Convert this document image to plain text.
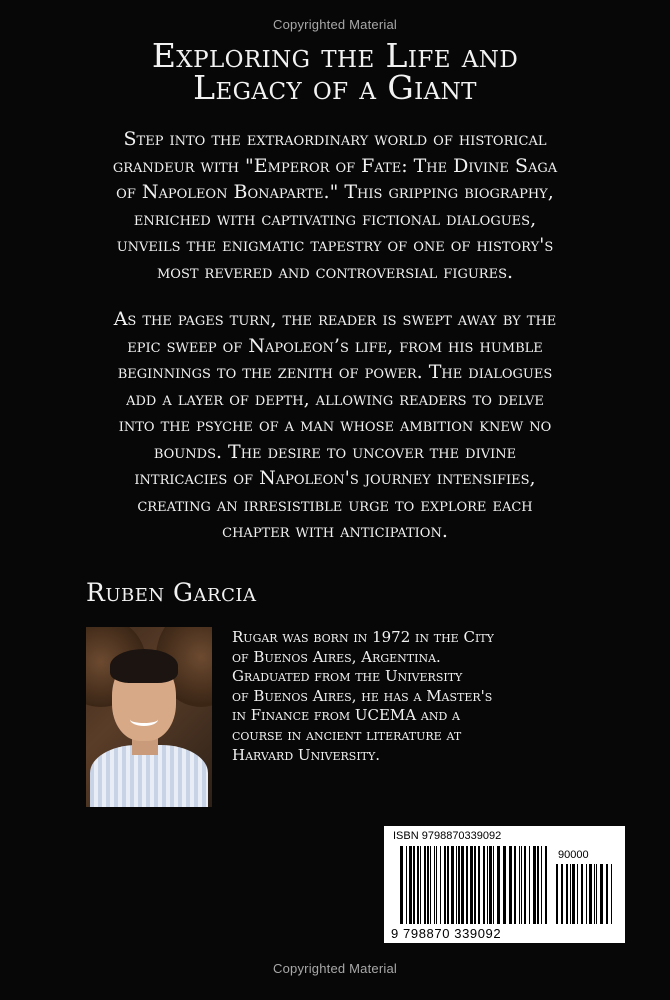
Copyrighted Material
Exploring the Life and
Legacy of a Giant

Step into the extraordinary world of historical
grandeur with "Emperor of Fate: The Divine Saga
of Napoleon Bonaparte." This gripping biography,
enriched with captivating fictional dialogues,
unveils the enigmatic tapestry of one of history's
most revered and controversial figures.

As the pages turn, the reader is swept away by the
epic sweep of Napoleon’s life, from his humble
beginnings to the zenith of power. The dialogues
add a layer of depth, allowing readers to delve
into the psyche of a man whose ambition knew no
bounds. The desire to uncover the divine
intricacies of Napoleon's journey intensifies,
creating an irresistible urge to explore each
chapter with anticipation.

Ruben Garcia

Rugar was born in 1972 in the City
of Buenos Aires, Argentina.
Graduated from the University
of Buenos Aires, he has a Master's
in Finance from UCEMA and a
course in ancient literature at
Harvard University.

ISBN 9798870339092
90000
9 798870 339092
Copyrighted Material
